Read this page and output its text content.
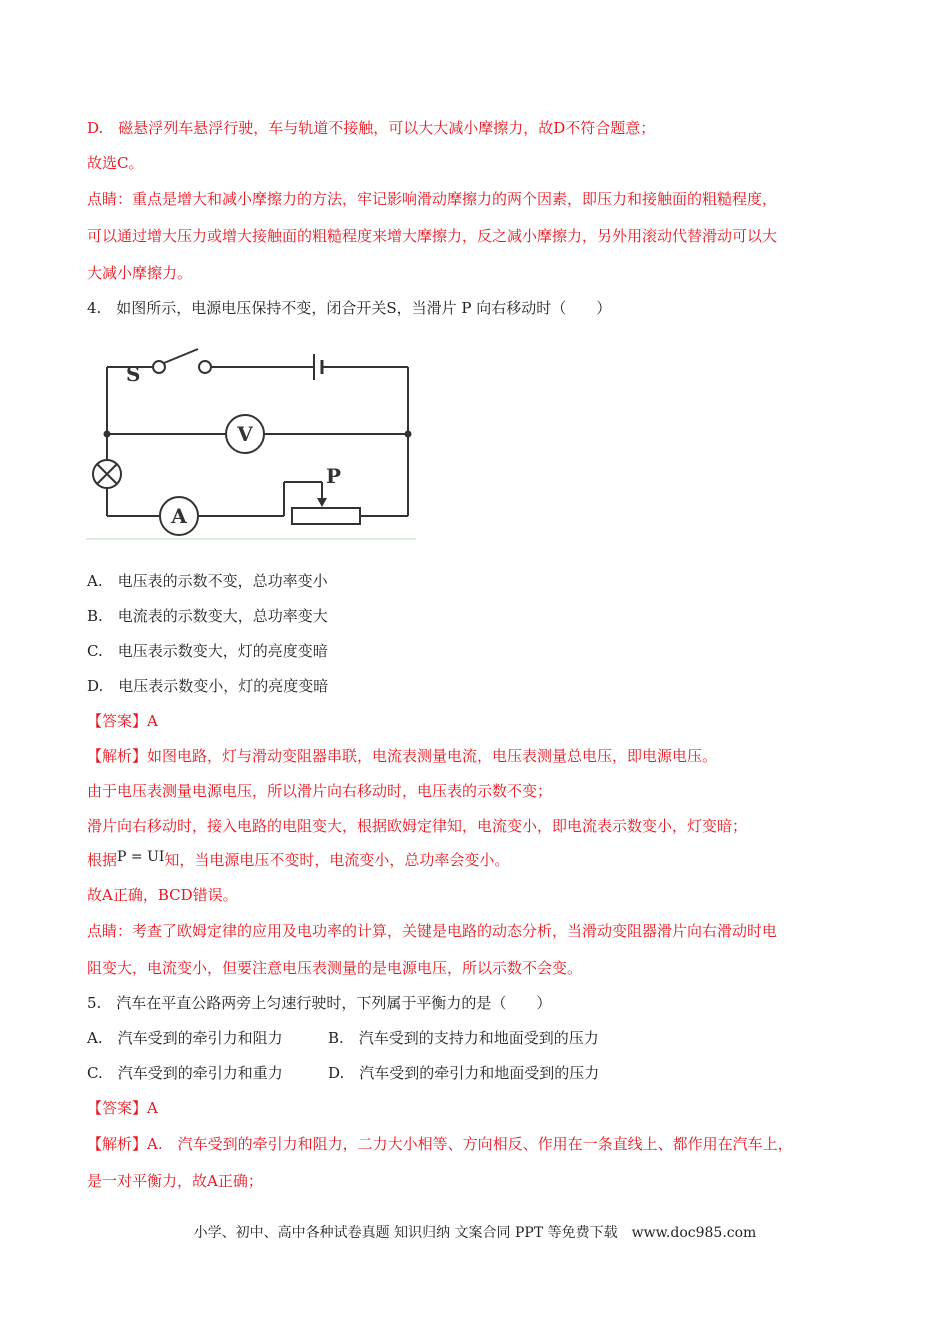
D.　磁悬浮列车悬浮行驶，车与轨道不接触，可以大大减小摩擦力，故D不符合题意；
故选C。
点睛：重点是增大和减小摩擦力的方法，牢记影响滑动摩擦力的两个因素，即压力和接触面的粗糙程度，
可以通过增大压力或增大接触面的粗糙程度来增大摩擦力，反之减小摩擦力，另外用滚动代替滑动可以大
大减小摩擦力。
4.　如图所示，电源电压保持不变，闭合开关S，当滑片 P 向右移动时（　　）
S
V
A
P
A.　电压表的示数不变，总功率变小
B.　电流表的示数变大，总功率变大
C.　电压表示数变大，灯的亮度变暗
D.　电压表示数变小，灯的亮度变暗
【答案】A
【解析】如图电路，灯与滑动变阻器串联，电流表测量电流，电压表测量总电压，即电源电压。
由于电压表测量电源电压，所以滑片向右移动时，电压表的示数不变；
滑片向右移动时，接入电路的电阻变大，根据欧姆定律知，电流变小，即电流表示数变小，灯变暗；
根据P = UI知，当电源电压不变时，电流变小，总功率会变小。
故A正确，BCD错误。
点睛：考查了欧姆定律的应用及电功率的计算，关键是电路的动态分析，当滑动变阻器滑片向右滑动时电
阻变大，电流变小，但要注意电压表测量的是电源电压，所以示数不会变。
5.　汽车在平直公路两旁上匀速行驶时，下列属于平衡力的是（　　）
A.　汽车受到的牵引力和阻力	B.　汽车受到的支持力和地面受到的压力
C.　汽车受到的牵引力和重力	D.　汽车受到的牵引力和地面受到的压力
【答案】A
【解析】A.　汽车受到的牵引力和阻力，二力大小相等、方向相反、作用在一条直线上、都作用在汽车上，
是一对平衡力，故A正确；
小学、初中、高中各种试卷真题 知识归纳 文案合同 PPT 等免费下载　www.doc985.com
